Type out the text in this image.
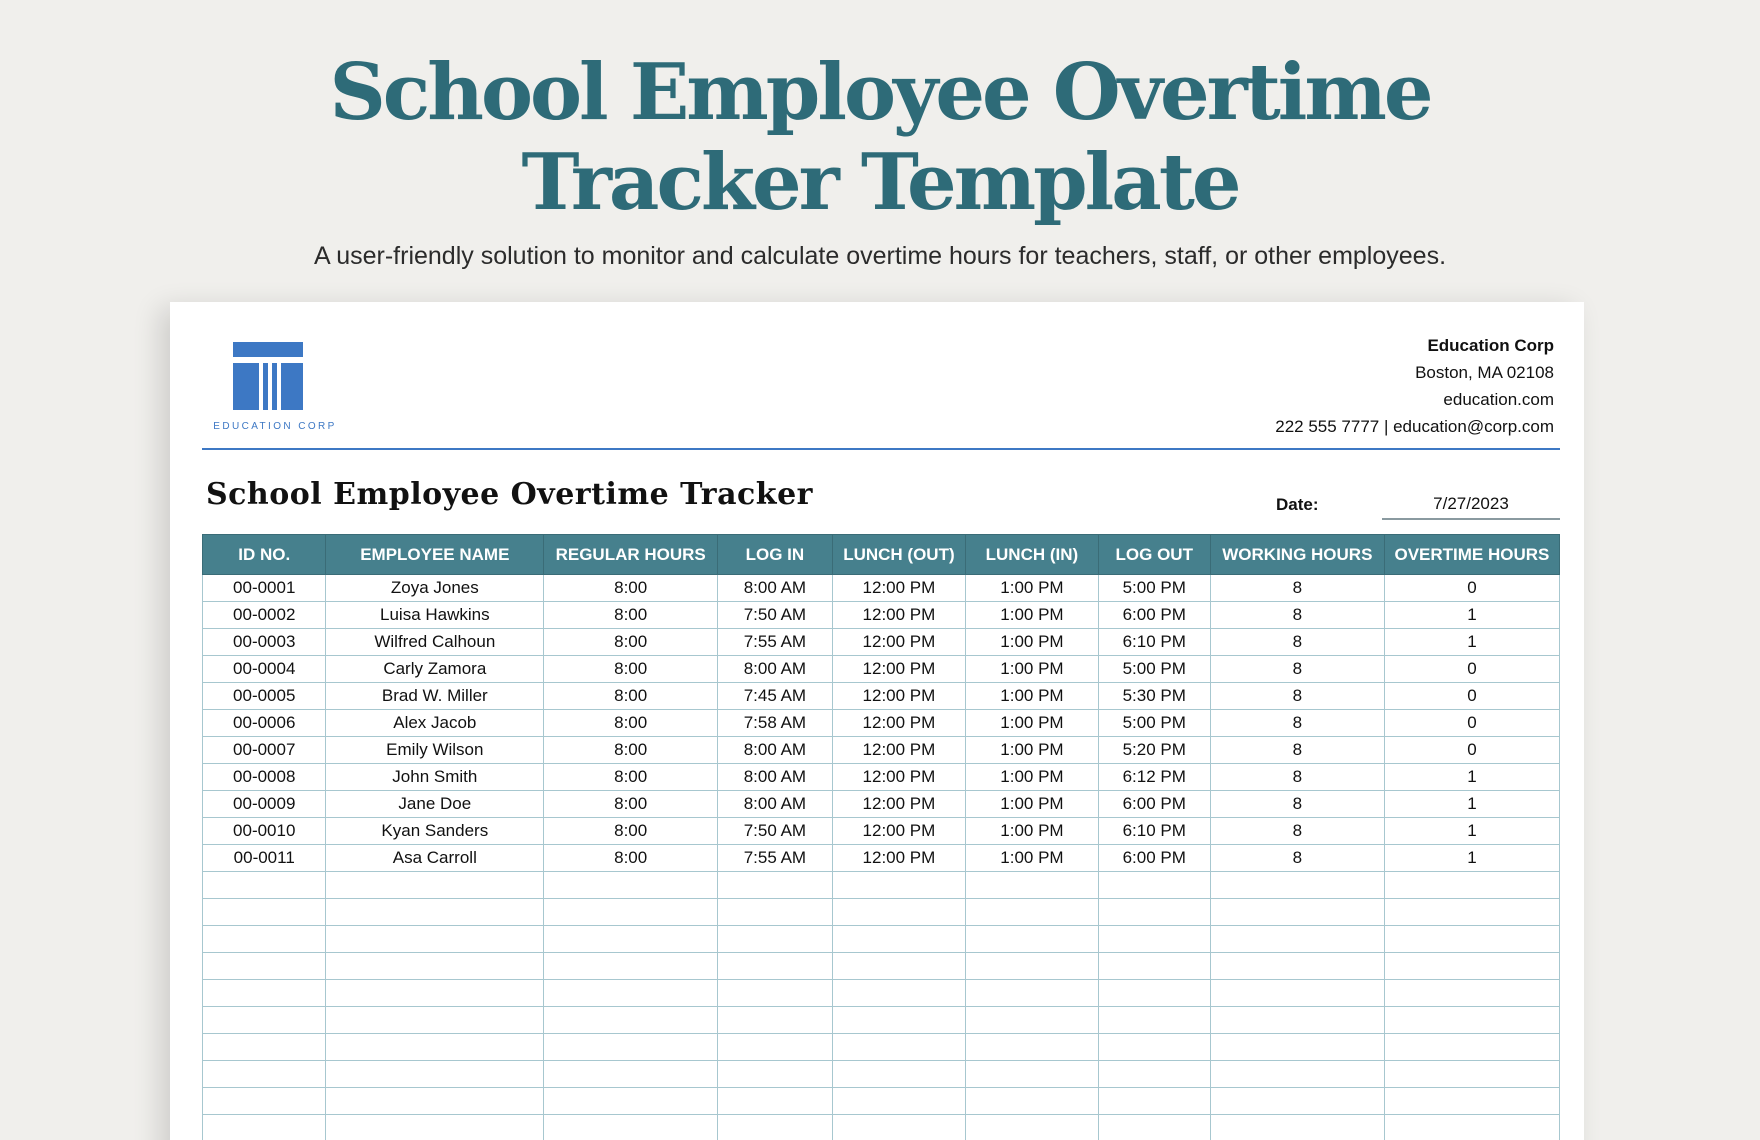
School Employee Overtime
Tracker Template
A user-friendly solution to monitor and calculate overtime hours for teachers, staff, or other employees.
EDUCATION CORP
Education Corp
Boston, MA 02108
education.com
222 555 7777 | education@corp.com
School Employee Overtime Tracker	Date:	7/27/2023
ID NO.	EMPLOYEE NAME	REGULAR HOURS	LOG IN	LUNCH (OUT)	LUNCH (IN)	LOG OUT	WORKING HOURS	OVERTIME HOURS
00-0001	Zoya Jones	8:00	8:00 AM	12:00 PM	1:00 PM	5:00 PM	8	0
00-0002	Luisa Hawkins	8:00	7:50 AM	12:00 PM	1:00 PM	6:00 PM	8	1
00-0003	Wilfred Calhoun	8:00	7:55 AM	12:00 PM	1:00 PM	6:10 PM	8	1
00-0004	Carly Zamora	8:00	8:00 AM	12:00 PM	1:00 PM	5:00 PM	8	0
00-0005	Brad W. Miller	8:00	7:45 AM	12:00 PM	1:00 PM	5:30 PM	8	0
00-0006	Alex Jacob	8:00	7:58 AM	12:00 PM	1:00 PM	5:00 PM	8	0
00-0007	Emily Wilson	8:00	8:00 AM	12:00 PM	1:00 PM	5:20 PM	8	0
00-0008	John Smith	8:00	8:00 AM	12:00 PM	1:00 PM	6:12 PM	8	1
00-0009	Jane Doe	8:00	8:00 AM	12:00 PM	1:00 PM	6:00 PM	8	1
00-0010	Kyan Sanders	8:00	7:50 AM	12:00 PM	1:00 PM	6:10 PM	8	1
00-0011	Asa Carroll	8:00	7:55 AM	12:00 PM	1:00 PM	6:00 PM	8	1
